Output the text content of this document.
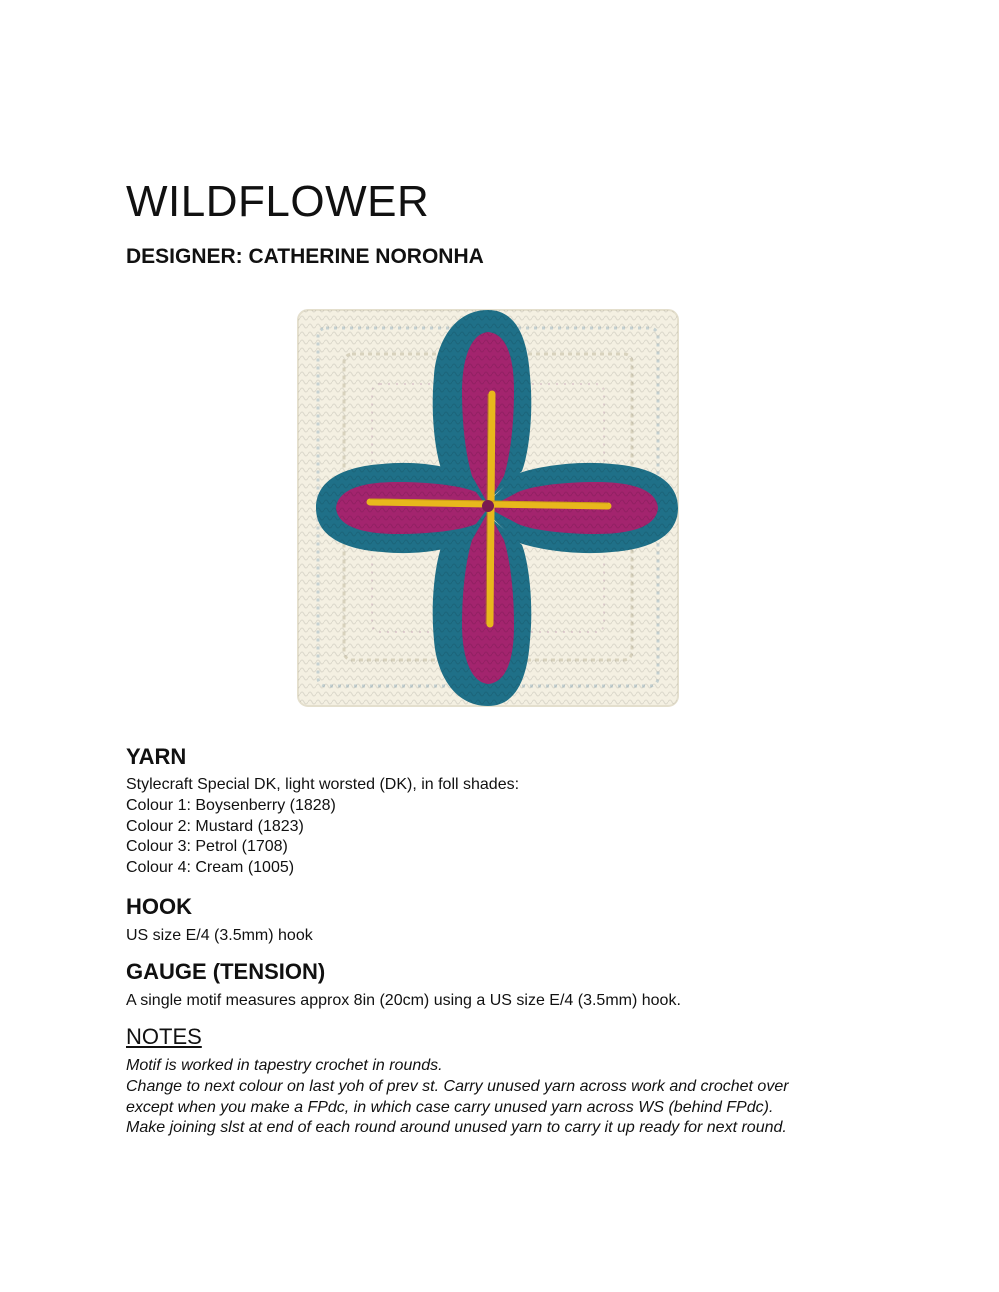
WILDFLOWER
DESIGNER: CATHERINE NORONHA
YARN
Stylecraft Special DK, light worsted (DK), in foll shades:
Colour 1: Boysenberry (1828)
Colour 2: Mustard (1823)
Colour 3: Petrol (1708)
Colour 4: Cream (1005)
HOOK

US size E/4 (3.5mm) hook

GAUGE (TENSION)

A single motif measures approx 8in (20cm) using a US size E/4 (3.5mm) hook.

NOTES
Motif is worked in tapestry crochet in rounds.
Change to next colour on last yoh of prev st. Carry unused yarn across work and crochet over
except when you make a FPdc, in which case carry unused yarn across WS (behind FPdc).
Make joining slst at end of each round around unused yarn to carry it up ready for next round.
